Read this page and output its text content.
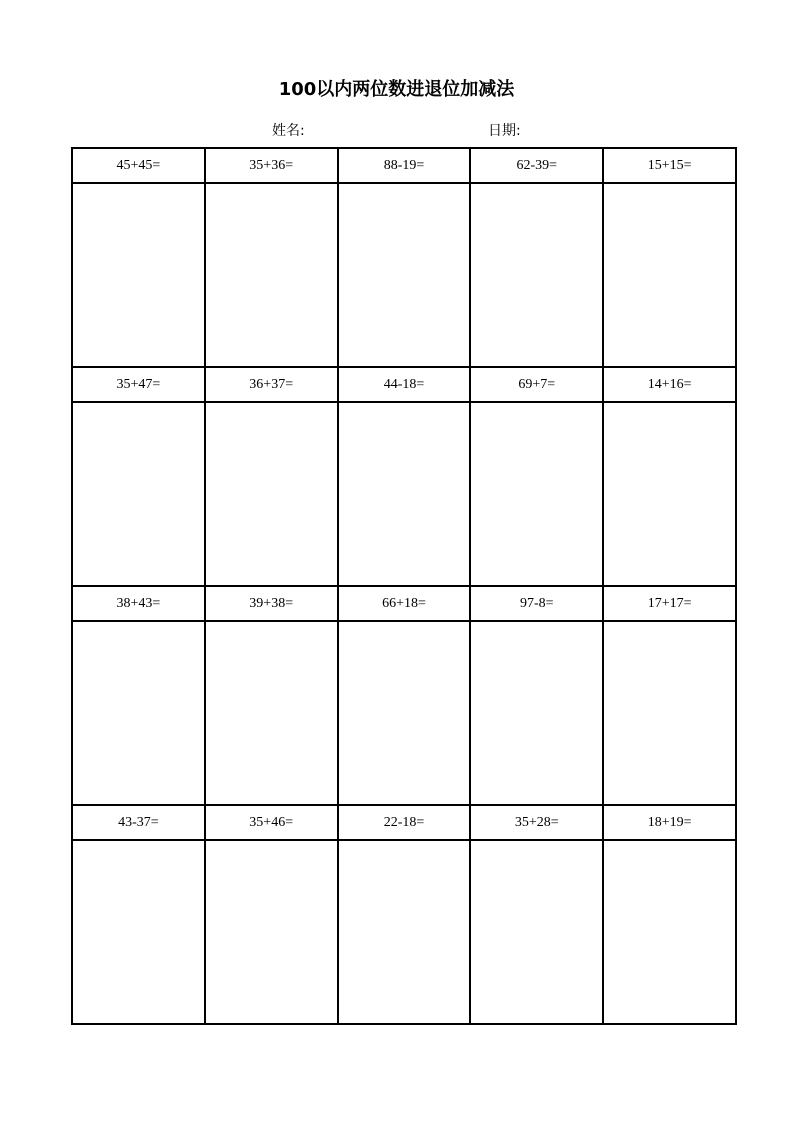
100以内两位数进退位加减法
姓名:	日期:
45+45=	35+36=	88-19=	62-39=	15+15=

35+47=	36+37=	44-18=	69+7=	14+16=

38+43=	39+38=	66+18=	97-8=	17+17=

43-37=	35+46=	22-18=	35+28=	18+19=
